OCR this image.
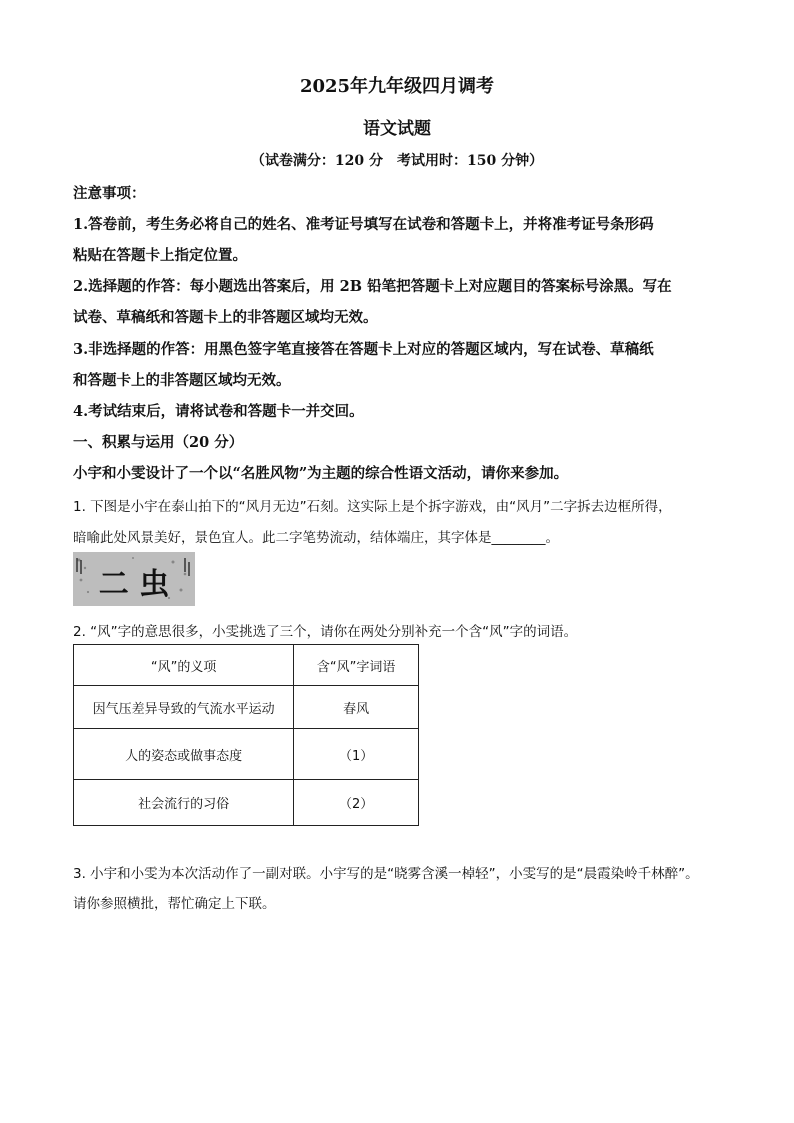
2025年九年级四月调考
语文试题
（试卷满分：120 分　考试用时：150 分钟）
注意事项：
1.答卷前，考生务必将自己的姓名、准考证号填写在试卷和答题卡上，并将准考证号条形码
粘贴在答题卡上指定位置。
2.选择题的作答：每小题选出答案后，用 2B 铅笔把答题卡上对应题目的答案标号涂黑。写在
试卷、草稿纸和答题卡上的非答题区域均无效。
3.非选择题的作答：用黑色签字笔直接答在答题卡上对应的答题区域内，写在试卷、草稿纸
和答题卡上的非答题区域均无效。
4.考试结束后，请将试卷和答题卡一并交回。
一、积累与运用（20 分）
小宇和小雯设计了一个以“名胜风物”为主题的综合性语文活动，请你来参加。
1. 下图是小宇在泰山拍下的“风月无边”石刻。这实际上是个拆字游戏，由“风月”二字拆去边框所得，
暗喻此处风景美好，景色宜人。此二字笔势流动，结体端庄，其字体是________。
二 虫
2. “风”字的意思很多，小雯挑选了三个，请你在两处分别补充一个含“风”字的词语。
“风”的义项	含“风”字词语
因气压差异导致的气流水平运动	春风
人的姿态或做事态度	（1）
社会流行的习俗	（2）
3. 小宇和小雯为本次活动作了一副对联。小宇写的是“晓雾含溪一棹轻”，小雯写的是“晨霞染岭千林醉”。
请你参照横批，帮忙确定上下联。
